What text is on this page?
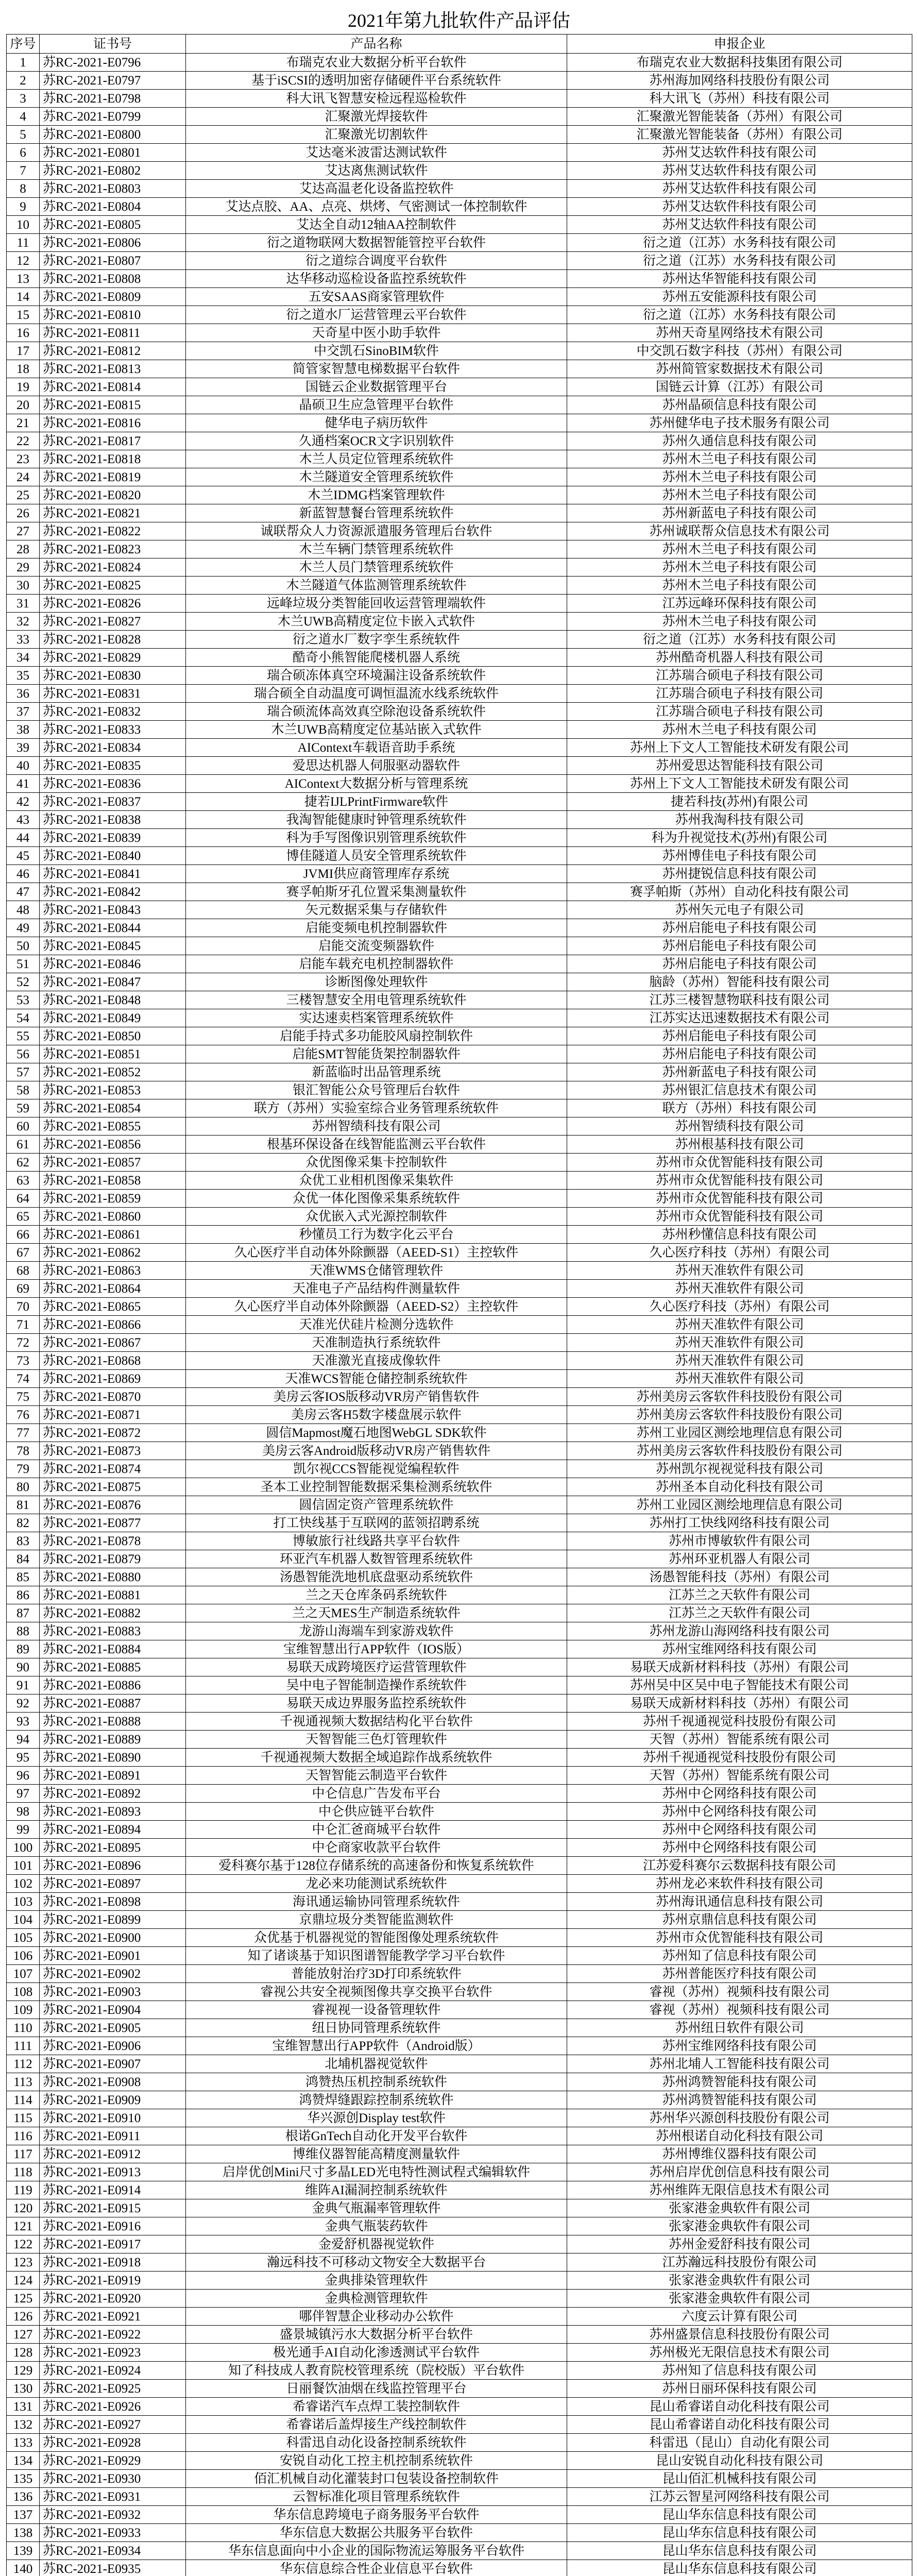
2021年第九批软件产品评估
序号	证书号	产品名称	申报企业
1	苏RC-2021-E0796	布瑞克农业大数据分析平台软件	布瑞克农业大数据科技集团有限公司
2	苏RC-2021-E0797	基于iSCSI的透明加密存储硬件平台系统软件	苏州海加网络科技股份有限公司
3	苏RC-2021-E0798	科大讯飞智慧安检远程巡检软件	科大讯飞（苏州）科技有限公司
4	苏RC-2021-E0799	汇聚激光焊接软件	汇聚激光智能装备（苏州）有限公司
5	苏RC-2021-E0800	汇聚激光切割软件	汇聚激光智能装备（苏州）有限公司
6	苏RC-2021-E0801	艾达毫米波雷达测试软件	苏州艾达软件科技有限公司
7	苏RC-2021-E0802	艾达离焦测试软件	苏州艾达软件科技有限公司
8	苏RC-2021-E0803	艾达高温老化设备监控软件	苏州艾达软件科技有限公司
9	苏RC-2021-E0804	艾达点胶、AA、点亮、烘烤、气密测试一体控制软件	苏州艾达软件科技有限公司
10	苏RC-2021-E0805	艾达全自动12轴AA控制软件	苏州艾达软件科技有限公司
11	苏RC-2021-E0806	衍之道物联网大数据智能管控平台软件	衍之道（江苏）水务科技有限公司
12	苏RC-2021-E0807	衍之道综合调度平台软件	衍之道（江苏）水务科技有限公司
13	苏RC-2021-E0808	达华移动巡检设备监控系统软件	苏州达华智能科技有限公司
14	苏RC-2021-E0809	五安SAAS商家管理软件	苏州五安能源科技有限公司
15	苏RC-2021-E0810	衍之道水厂运营管理云平台软件	衍之道（江苏）水务科技有限公司
16	苏RC-2021-E0811	天奇星中医小助手软件	苏州天奇星网络技术有限公司
17	苏RC-2021-E0812	中交凯石SinoBIM软件	中交凯石数字科技（苏州）有限公司
18	苏RC-2021-E0813	简管家智慧电梯数据平台软件	苏州简管家数据技术有限公司
19	苏RC-2021-E0814	国链云企业数据管理平台	国链云计算（江苏）有限公司
20	苏RC-2021-E0815	晶硕卫生应急管理平台软件	苏州晶硕信息科技有限公司
21	苏RC-2021-E0816	健华电子病历软件	苏州健华电子技术服务有限公司
22	苏RC-2021-E0817	久通档案OCR文字识别软件	苏州久通信息科技有限公司
23	苏RC-2021-E0818	木兰人员定位管理系统软件	苏州木兰电子科技有限公司
24	苏RC-2021-E0819	木兰隧道安全管理系统软件	苏州木兰电子科技有限公司
25	苏RC-2021-E0820	木兰IDMG档案管理软件	苏州木兰电子科技有限公司
26	苏RC-2021-E0821	新蓝智慧餐台管理系统软件	苏州新蓝电子科技有限公司
27	苏RC-2021-E0822	诚联帮众人力资源派遣服务管理后台软件	苏州诚联帮众信息技术有限公司
28	苏RC-2021-E0823	木兰车辆门禁管理系统软件	苏州木兰电子科技有限公司
29	苏RC-2021-E0824	木兰人员门禁管理系统软件	苏州木兰电子科技有限公司
30	苏RC-2021-E0825	木兰隧道气体监测管理系统软件	苏州木兰电子科技有限公司
31	苏RC-2021-E0826	远峰垃圾分类智能回收运营管理端软件	江苏远峰环保科技有限公司
32	苏RC-2021-E0827	木兰UWB高精度定位卡嵌入式软件	苏州木兰电子科技有限公司
33	苏RC-2021-E0828	衍之道水厂数字孪生系统软件	衍之道（江苏）水务科技有限公司
34	苏RC-2021-E0829	酷奇小熊智能爬楼机器人系统	苏州酷奇机器人科技有限公司
35	苏RC-2021-E0830	瑞合硕冻体真空环境漏注设备系统软件	江苏瑞合硕电子科技有限公司
36	苏RC-2021-E0831	瑞合硕全自动温度可调恒温流水线系统软件	江苏瑞合硕电子科技有限公司
37	苏RC-2021-E0832	瑞合硕流体高效真空除泡设备系统软件	江苏瑞合硕电子科技有限公司
38	苏RC-2021-E0833	木兰UWB高精度定位基站嵌入式软件	苏州木兰电子科技有限公司
39	苏RC-2021-E0834	AIContext车载语音助手系统	苏州上下文人工智能技术研发有限公司
40	苏RC-2021-E0835	爱思达机器人伺服驱动器软件	苏州爱思达智能科技有限公司
41	苏RC-2021-E0836	AIContext大数据分析与管理系统	苏州上下文人工智能技术研发有限公司
42	苏RC-2021-E0837	捷若IJLPrintFirmware软件	捷若科技(苏州)有限公司
43	苏RC-2021-E0838	我淘智能健康时钟管理系统软件	苏州我淘科技有限公司
44	苏RC-2021-E0839	科为手写图像识别管理系统软件	科为升视觉技术(苏州)有限公司
45	苏RC-2021-E0840	博佳隧道人员安全管理系统软件	苏州博佳电子科技有限公司
46	苏RC-2021-E0841	JVMI供应商管理库存系统	苏州捷锐信息科技有限公司
47	苏RC-2021-E0842	赛孚帕斯牙孔位置采集测量软件	赛孚帕斯（苏州）自动化科技有限公司
48	苏RC-2021-E0843	矢元数据采集与存储软件	苏州矢元电子有限公司
49	苏RC-2021-E0844	启能变频电机控制器软件	苏州启能电子科技有限公司
50	苏RC-2021-E0845	启能交流变频器软件	苏州启能电子科技有限公司
51	苏RC-2021-E0846	启能车载充电机控制器软件	苏州启能电子科技有限公司
52	苏RC-2021-E0847	诊断图像处理软件	脑龄（苏州）智能科技有限公司
53	苏RC-2021-E0848	三楼智慧安全用电管理系统软件	江苏三楼智慧物联科技有限公司
54	苏RC-2021-E0849	实达速卖档案管理系统软件	江苏实达迅速数据技术有限公司
55	苏RC-2021-E0850	启能手持式多功能胶风扇控制软件	苏州启能电子科技有限公司
56	苏RC-2021-E0851	启能SMT智能货架控制器软件	苏州启能电子科技有限公司
57	苏RC-2021-E0852	新蓝临时出品管理系统	苏州新蓝电子科技有限公司
58	苏RC-2021-E0853	银汇智能公众号管理后台软件	苏州银汇信息技术有限公司
59	苏RC-2021-E0854	联方（苏州）实验室综合业务管理系统软件	联方（苏州）科技有限公司
60	苏RC-2021-E0855	苏州智绩科技有限公司	苏州智绩科技有限公司
61	苏RC-2021-E0856	根基环保设备在线智能监测云平台软件	苏州根基科技有限公司
62	苏RC-2021-E0857	众优图像采集卡控制软件	苏州市众优智能科技有限公司
63	苏RC-2021-E0858	众优工业相机图像采集软件	苏州市众优智能科技有限公司
64	苏RC-2021-E0859	众优一体化图像采集系统软件	苏州市众优智能科技有限公司
65	苏RC-2021-E0860	众优嵌入式光源控制软件	苏州市众优智能科技有限公司
66	苏RC-2021-E0861	秒懂员工行为数字化云平台	苏州秒懂信息科技有限公司
67	苏RC-2021-E0862	久心医疗半自动体外除颤器（AEED-S1）主控软件	久心医疗科技（苏州）有限公司
68	苏RC-2021-E0863	天准WMS仓储管理软件	苏州天准软件有限公司
69	苏RC-2021-E0864	天准电子产品结构件测量软件	苏州天准软件有限公司
70	苏RC-2021-E0865	久心医疗半自动体外除颤器（AEED-S2）主控软件	久心医疗科技（苏州）有限公司
71	苏RC-2021-E0866	天准光伏硅片检测分选软件	苏州天准软件有限公司
72	苏RC-2021-E0867	天准制造执行系统软件	苏州天准软件有限公司
73	苏RC-2021-E0868	天准激光直接成像软件	苏州天准软件有限公司
74	苏RC-2021-E0869	天准WCS智能仓储控制系统软件	苏州天准软件有限公司
75	苏RC-2021-E0870	美房云客IOS版移动VR房产销售软件	苏州美房云客软件科技股份有限公司
76	苏RC-2021-E0871	美房云客H5数字楼盘展示软件	苏州美房云客软件科技股份有限公司
77	苏RC-2021-E0872	圆信Mapmost魔石地图WebGL SDK软件	苏州工业园区测绘地理信息有限公司
78	苏RC-2021-E0873	美房云客Android版移动VR房产销售软件	苏州美房云客软件科技股份有限公司
79	苏RC-2021-E0874	凯尔视CCS智能视觉编程软件	苏州凯尔视视觉科技有限公司
80	苏RC-2021-E0875	圣本工业控制智能数据采集检测系统软件	苏州圣本自动化科技有限公司
81	苏RC-2021-E0876	圆信固定资产管理系统软件	苏州工业园区测绘地理信息有限公司
82	苏RC-2021-E0877	打工快线基于互联网的蓝领招聘系统	苏州打工快线网络科技有限公司
83	苏RC-2021-E0878	博敏旅行社线路共享平台软件	苏州市博敏软件有限公司
84	苏RC-2021-E0879	环亚汽车机器人数智管理系统软件	苏州环亚机器人有限公司
85	苏RC-2021-E0880	汤愚智能洗地机底盘驱动系统软件	汤愚智能科技（苏州）有限公司
86	苏RC-2021-E0881	兰之天仓库条码系统软件	江苏兰之天软件有限公司
87	苏RC-2021-E0882	兰之天MES生产制造系统软件	江苏兰之天软件有限公司
88	苏RC-2021-E0883	龙游山海端车到家游戏软件	苏州龙游山海网络科技有限公司
89	苏RC-2021-E0884	宝维智慧出行APP软件（IOS版）	苏州宝维网络科技有限公司
90	苏RC-2021-E0885	易联天成跨境医疗运营管理软件	易联天成新材料科技（苏州）有限公司
91	苏RC-2021-E0886	吴中电子智能制造操作系统软件	苏州吴中区吴中电子智能技术有限公司
92	苏RC-2021-E0887	易联天成边界服务监控系统软件	易联天成新材料科技（苏州）有限公司
93	苏RC-2021-E0888	千视通视频大数据结构化平台软件	苏州千视通视觉科技股份有限公司
94	苏RC-2021-E0889	天智智能三色灯管理软件	天智（苏州）智能系统有限公司
95	苏RC-2021-E0890	千视通视频大数据全域追踪作战系统软件	苏州千视通视觉科技股份有限公司
96	苏RC-2021-E0891	天智智能云制造平台软件	天智（苏州）智能系统有限公司
97	苏RC-2021-E0892	中仑信息广告发布平台	苏州中仑网络科技有限公司
98	苏RC-2021-E0893	中仑供应链平台软件	苏州中仑网络科技有限公司
99	苏RC-2021-E0894	中仑汇爸商城平台软件	苏州中仑网络科技有限公司
100	苏RC-2021-E0895	中仑商家收款平台软件	苏州中仑网络科技有限公司
101	苏RC-2021-E0896	爱科赛尔基于128位存储系统的高速备份和恢复系统软件	江苏爱科赛尔云数据科技有限公司
102	苏RC-2021-E0897	龙必来功能测试系统软件	苏州龙必来软件科技有限公司
103	苏RC-2021-E0898	海讯通运输协同管理系统软件	苏州海讯通信息科技有限公司
104	苏RC-2021-E0899	京鼎垃圾分类智能监测软件	苏州京鼎信息科技有限公司
105	苏RC-2021-E0900	众优基于机器视觉的智能图像处理系统软件	苏州市众优智能科技有限公司
106	苏RC-2021-E0901	知了诸谈基于知识图谱智能教学学习平台软件	苏州知了信息科技有限公司
107	苏RC-2021-E0902	普能放射治疗3D打印系统软件	苏州普能医疗科技有限公司
108	苏RC-2021-E0903	睿视公共安全视频图像共享交换平台软件	睿视（苏州）视频科技有限公司
109	苏RC-2021-E0904	睿视视一设备管理软件	睿视（苏州）视频科技有限公司
110	苏RC-2021-E0905	纽日协同管理系统软件	苏州纽日软件有限公司
111	苏RC-2021-E0906	宝维智慧出行APP软件（Android版）	苏州宝维网络科技有限公司
112	苏RC-2021-E0907	北埔机器视觉软件	苏州北埔人工智能科技有限公司
113	苏RC-2021-E0908	鸿赞热压机控制系统软件	苏州鸿赞智能科技有限公司
114	苏RC-2021-E0909	鸿赞焊缝跟踪控制系统软件	苏州鸿赞智能科技有限公司
115	苏RC-2021-E0910	华兴源创Display test软件	苏州华兴源创科技股份有限公司
116	苏RC-2021-E0911	根诺GnTech自动化开发平台软件	苏州根诺自动化科技有限公司
117	苏RC-2021-E0912	博维仪器智能高精度测量软件	苏州博维仪器科技有限公司
118	苏RC-2021-E0913	启岸优创Mini尺寸多晶LED光电特性测试程式编辑软件	苏州启岸优创信息科技有限公司
119	苏RC-2021-E0914	维阵AI漏洞控制系统软件	苏州维阵无限信息技术有限公司
120	苏RC-2021-E0915	金典气瓶漏率管理软件	张家港金典软件有限公司
121	苏RC-2021-E0916	金典气瓶装药软件	张家港金典软件有限公司
122	苏RC-2021-E0917	金爱舒机器视觉软件	苏州金爱舒科技有限公司
123	苏RC-2021-E0918	瀚远科技不可移动文物安全大数据平台	江苏瀚远科技股份有限公司
124	苏RC-2021-E0919	金典排染管理软件	张家港金典软件有限公司
125	苏RC-2021-E0920	金典检测管理软件	张家港金典软件有限公司
126	苏RC-2021-E0921	哪伴智慧企业移动办公软件	六度云计算有限公司
127	苏RC-2021-E0922	盛景城镇污水大数据分析平台软件	苏州盛景信息科技股份有限公司
128	苏RC-2021-E0923	极光通手AI自动化渗透测试平台软件	苏州极光无限信息技术有限公司
129	苏RC-2021-E0924	知了科技成人教育院校管理系统（院校版）平台软件	苏州知了信息科技有限公司
130	苏RC-2021-E0925	日丽餐饮油烟在线监控管理平台	苏州日丽环保科技有限公司
131	苏RC-2021-E0926	希睿诺汽车点焊工装控制软件	昆山希睿诺自动化科技有限公司
132	苏RC-2021-E0927	希睿诺后盖焊接生产线控制软件	昆山希睿诺自动化科技有限公司
133	苏RC-2021-E0928	科雷迅自动化设备控制系统软件	科雷迅（昆山）自动化有限公司
134	苏RC-2021-E0929	安锐自动化工控主机控制系统软件	昆山安锐自动化科技有限公司
135	苏RC-2021-E0930	佰汇机械自动化灌装封口包装设备控制软件	昆山佰汇机械科技有限公司
136	苏RC-2021-E0931	云智标准化项目管理系统软件	江苏云智星河网络科技有限公司
137	苏RC-2021-E0932	华东信息跨境电子商务服务平台软件	昆山华东信息科技有限公司
138	苏RC-2021-E0933	华东信息大数据公共服务平台软件	昆山华东信息科技有限公司
139	苏RC-2021-E0934	华东信息面向中小企业的国际物流运筹服务平台软件	昆山华东信息科技有限公司
140	苏RC-2021-E0935	华东信息综合性企业信息平台软件	昆山华东信息科技有限公司
